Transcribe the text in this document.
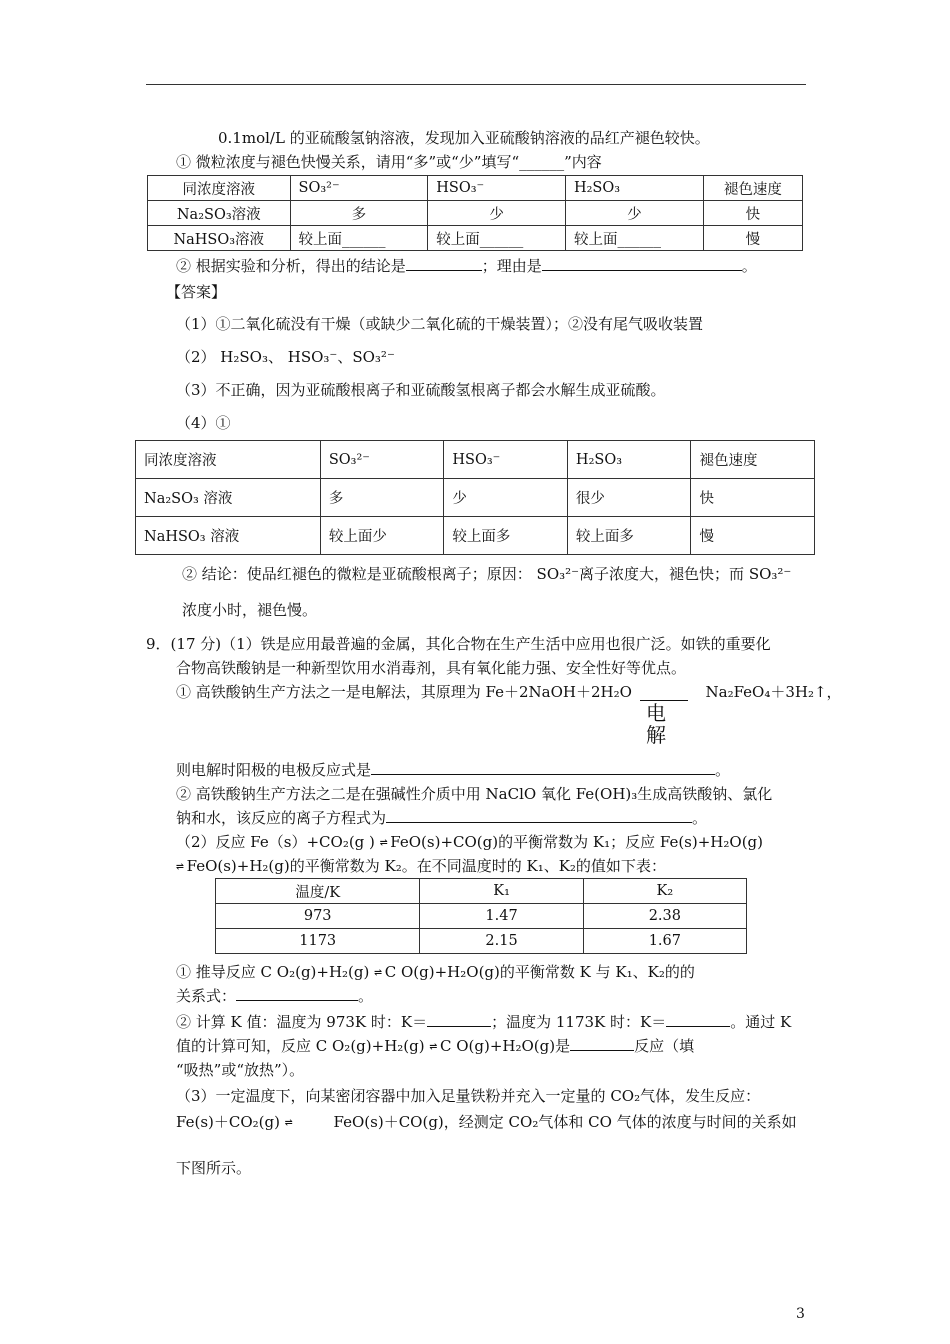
0.1mol/L 的亚硫酸氢钠溶液，发现加入亚硫酸钠溶液的品红产褪色较快。
① 微粒浓度与褪色快慢关系，请用“多”或“少”填写“______”内容
同浓度溶液	SO₃²⁻	HSO₃⁻	H₂SO₃	褪色速度
Na₂SO₃溶液	多	少	少	快
NaHSO₃溶液	较上面______	较上面______	较上面______	慢
② 根据实验和分析，得出的结论是	；理由是	。
【答案】
（1）①二氧化硫没有干燥（或缺少二氧化硫的干燥装置）；②没有尾气吸收装置
（2） H₂SO₃、 HSO₃⁻、SO₃²⁻
（3）不正确，因为亚硫酸根离子和亚硫酸氢根离子都会水解生成亚硫酸。
（4）①
同浓度溶液	SO₃²⁻	HSO₃⁻	H₂SO₃	褪色速度
Na₂SO₃ 溶液	多	少	很少	快
NaHSO₃ 溶液	较上面少	较上面多	较上面多	慢
② 结论：使品红褪色的微粒是亚硫酸根离子；原因： SO₃²⁻离子浓度大，褪色快；而 SO₃²⁻
浓度小时，褪色慢。
9．(17 分)（1）铁是应用最普遍的金属，其化合物在生产生活中应用也很广泛。如铁的重要化
合物高铁酸钠是一种新型饮用水消毒剂，具有氧化能力强、安全性好等优点。
① 高铁酸钠生产方法之一是电解法，其原理为 Fe＋2NaOH＋2H₂O	Na₂FeO₄＋3H₂↑，
电
解
则电解时阳极的电极反应式是	。
② 高铁酸钠生产方法之二是在强碱性介质中用 NaClO 氧化 Fe(OH)₃生成高铁酸钠、氯化
钠和水，该反应的离子方程式为	。
（2）反应 Fe（s）+CO₂(g ) ⇌ FeO(s)+CO(g)的平衡常数为 K₁；反应 Fe(s)+H₂O(g)
⇌ FeO(s)+H₂(g)的平衡常数为 K₂。在不同温度时的 K₁、K₂的值如下表：
温度/K	K₁	K₂
973	1.47	2.38
1173	2.15	1.67
① 推导反应 C O₂(g)+H₂(g) ⇌ C O(g)+H₂O(g)的平衡常数 K 与 K₁、K₂的的
关系式：	。
② 计算 K 值：温度为 973K 时：K＝	；温度为 1173K 时：K＝	。通过 K
值的计算可知，反应 C O₂(g)+H₂(g) ⇌ C O(g)+H₂O(g)是	反应（填
“吸热”或“放热”）。
（3）一定温度下，向某密闭容器中加入足量铁粉并充入一定量的 CO₂气体，发生反应：
Fe(s)＋CO₂(g) ⇌	FeO(s)＋CO(g)，经测定 CO₂气体和 CO 气体的浓度与时间的关系如
下图所示。
3
